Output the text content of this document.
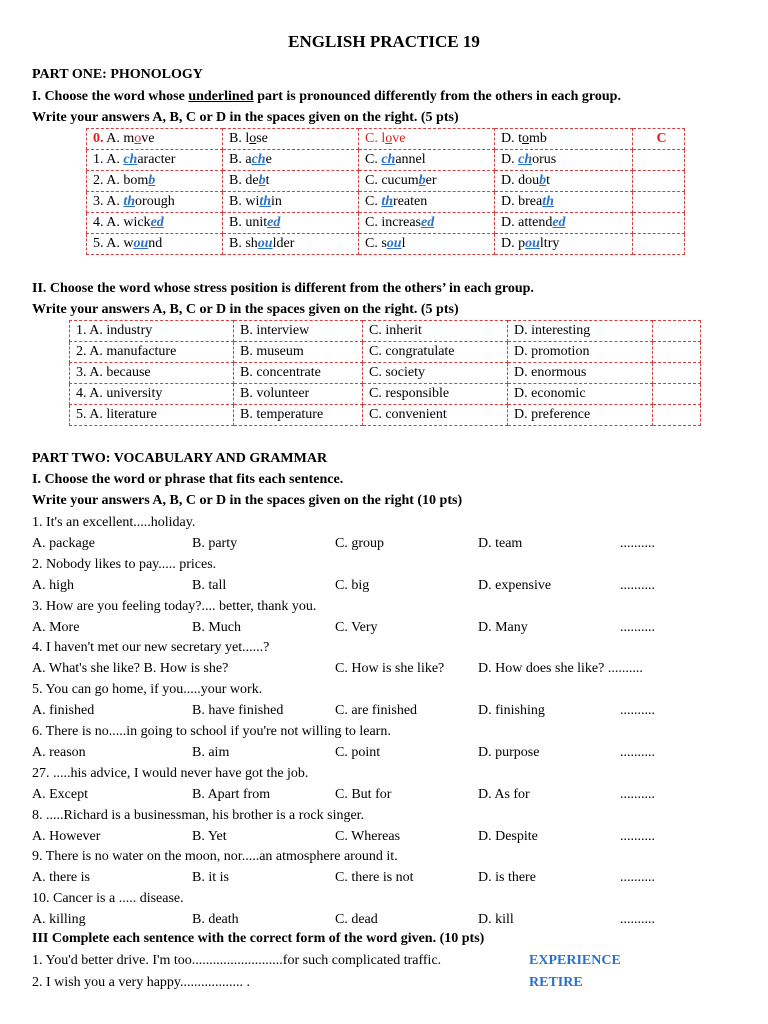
ENGLISH PRACTICE 19
PART ONE: PHONOLOGY
I. Choose the word whose underlined part is pronounced differently from the others in each group.
Write your answers A, B, C or D in the spaces given on the right. (5 pts)
0. A. move	B. lose	C. love	D. tomb	C
1. A. character	B. ache	C. channel	D. chorus	
2. A. bomb	B. debt	C. cucumber	D. doubt	
3. A. thorough	B. within	C. threaten	D. breath	
4. A. wicked	B. united	C. increased	D. attended	
5. A. wound	B. shoulder	C. soul	D. poultry	
II. Choose the word whose stress position is different from the others’ in each group.
Write your answers A, B, C or D in the spaces given on the right. (5 pts)
1. A. industry	B. interview	C. inherit	D. interesting	
2. A. manufacture	B. museum	C. congratulate	D. promotion	
3. A. because	B. concentrate	C. society	D. enormous	
4. A. university	B. volunteer	C. responsible	D. economic	
5. A. literature	B. temperature	C. convenient	D. preference	
PART TWO: VOCABULARY AND GRAMMAR
I. Choose the word or phrase that fits each sentence.
Write your answers A, B, C or D in the spaces given on the right (10 pts)
1. It's an excellent.....holiday.
A. package	B. party	C. group	D. team	..........
2. Nobody likes to pay..... prices.
A. high	B. tall	C. big	D. expensive	..........
3. How are you feeling today?.... better, thank you.
A. More	B. Much	C. Very	D. Many	..........
4. I haven't met our new secretary yet......?
A. What's she like? B. How is she?	C. How is she like? D. How does she like? ..........
5. You can go home, if you.....your work.
A. finished	B. have finished	C. are finished	D. finishing	..........
6. There is no.....in going to school if you're not willing to learn.
A. reason	B. aim	C. point	D. purpose	..........
27. .....his advice, I would never have got the job.
A. Except	B. Apart from	C. But for	D. As for	..........
8. .....Richard is a businessman, his brother is a rock singer.
A. However	B. Yet	C. Whereas	D. Despite	..........
9. There is no water on the moon, nor.....an atmosphere around it.
A. there is	B. it is	C. there is not	D. is there	..........
10. Cancer is a ..... disease.
A. killing	B. death	C. dead	D. kill	..........
III Complete each sentence with the correct form of the word given. (10 pts)
1. You'd better drive. I'm too..........................for such complicated traffic.	EXPERIENCE
2. I wish you a very happy.................. .	RETIRE
